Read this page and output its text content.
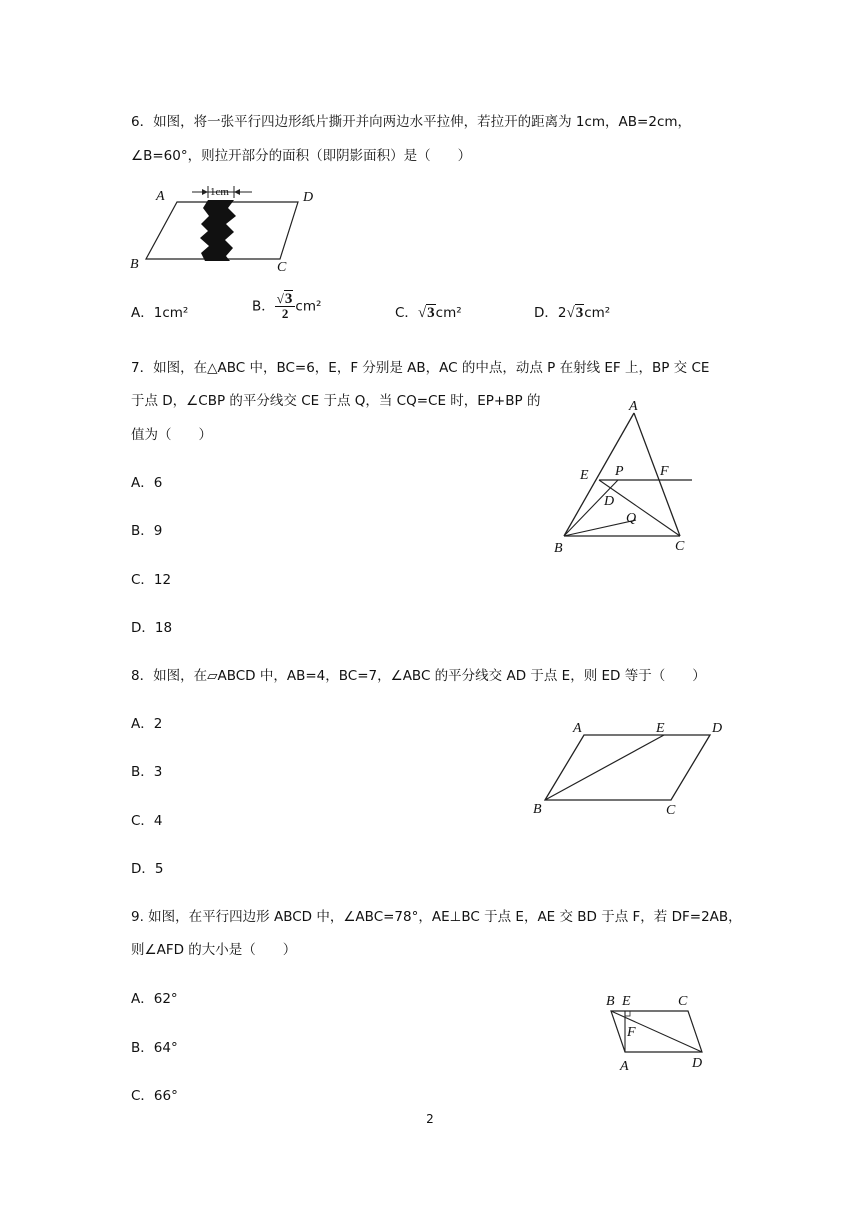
6．如图，将一张平行四边形纸片撕开并向两边水平拉伸，若拉开的距离为 1cm，AB=2cm，
∠B=60°，则拉开部分的面积（即阴影面积）是（　　）
1cm
A	D
B	C
A．1cm²	B． $\frac{√3}{2} cm^2$	C．√3cm²	D．2√3cm²
7．如图，在△ABC 中，BC=6，E，F 分别是 AB，AC 的中点，动点 P 在射线 EF 上，BP 交 CE
于点 D，∠CBP 的平分线交 CE 于点 Q，当 CQ=CE 时，EP+BP 的
值为（　　）
A
E P	F
D
Q
B	C
A．6
B．9
C．12
D．18
8．如图，在▱ABCD 中，AB=4，BC=7，∠ABC 的平分线交 AD 于点 E，则 ED 等于（　　）
A	E	D
B	C
A．2
B．3
C．4
D．5
9. 如图，在平行四边形 ABCD 中，∠ABC=78°，AE⊥BC 于点 E，AE 交 BD 于点 F，若 DF=2AB，
则∠AFD 的大小是（　　）
B E	C
F
A	D
A．62°
B．64°
C．66°
2
